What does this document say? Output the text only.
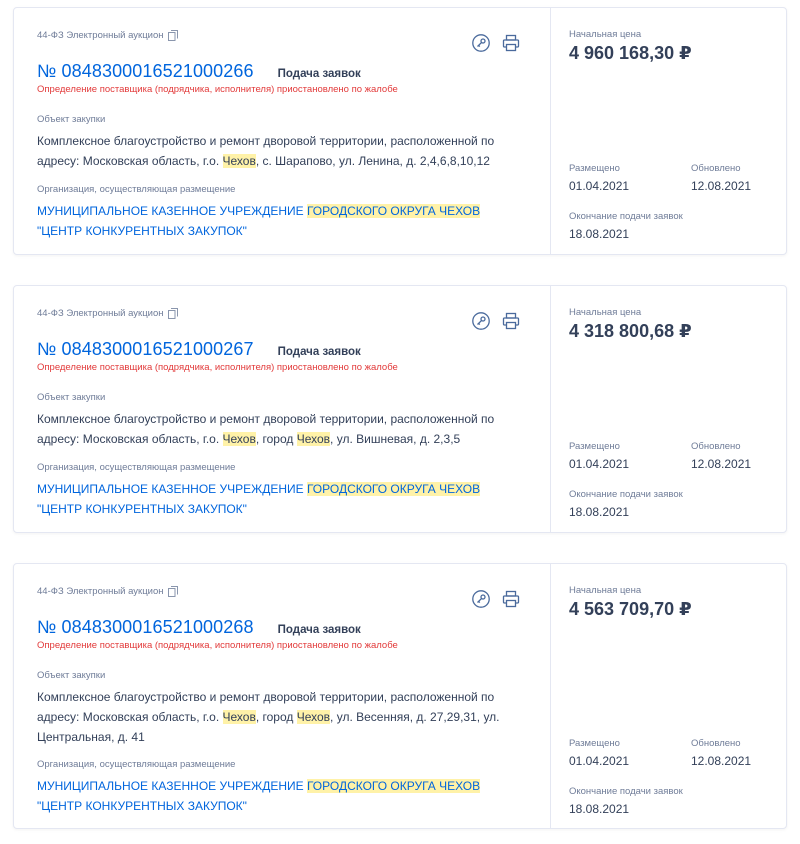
44-ФЗ Электронный аукцион
№ 0848300016521000266 Подача заявок
Определение поставщика (подрядчика, исполнителя) приостановлено по жалобе
Объект закупки
Комплексное благоустройство и ремонт дворовой территории, расположенной по адресу: Московская область, г.о. Чехов, с. Шарапово, ул. Ленина, д. 2,4,6,8,10,12
Организация, осуществляющая размещение
МУНИЦИПАЛЬНОЕ КАЗЕННОЕ УЧРЕЖДЕНИЕ ГОРОДСКОГО ОКРУГА ЧЕХОВ "ЦЕНТР КОНКУРЕНТНЫХ ЗАКУПОК"
Начальная цена
4 960 168,30 ₽
Размещено	Обновлено
01.04.2021	12.08.2021
Окончание подачи заявок
18.08.2021
44-ФЗ Электронный аукцион
№ 0848300016521000267 Подача заявок
Определение поставщика (подрядчика, исполнителя) приостановлено по жалобе
Объект закупки
Комплексное благоустройство и ремонт дворовой территории, расположенной по адресу: Московская область, г.о. Чехов, город Чехов, ул. Вишневая, д. 2,3,5
Организация, осуществляющая размещение
МУНИЦИПАЛЬНОЕ КАЗЕННОЕ УЧРЕЖДЕНИЕ ГОРОДСКОГО ОКРУГА ЧЕХОВ "ЦЕНТР КОНКУРЕНТНЫХ ЗАКУПОК"
Начальная цена
4 318 800,68 ₽
Размещено	Обновлено
01.04.2021	12.08.2021
Окончание подачи заявок
18.08.2021
44-ФЗ Электронный аукцион
№ 0848300016521000268 Подача заявок
Определение поставщика (подрядчика, исполнителя) приостановлено по жалобе
Объект закупки
Комплексное благоустройство и ремонт дворовой территории, расположенной по адресу: Московская область, г.о. Чехов, город Чехов, ул. Весенняя, д. 27,29,31, ул. Центральная, д. 41
Организация, осуществляющая размещение
МУНИЦИПАЛЬНОЕ КАЗЕННОЕ УЧРЕЖДЕНИЕ ГОРОДСКОГО ОКРУГА ЧЕХОВ "ЦЕНТР КОНКУРЕНТНЫХ ЗАКУПОК"
Начальная цена
4 563 709,70 ₽
Размещено	Обновлено
01.04.2021	12.08.2021
Окончание подачи заявок
18.08.2021
